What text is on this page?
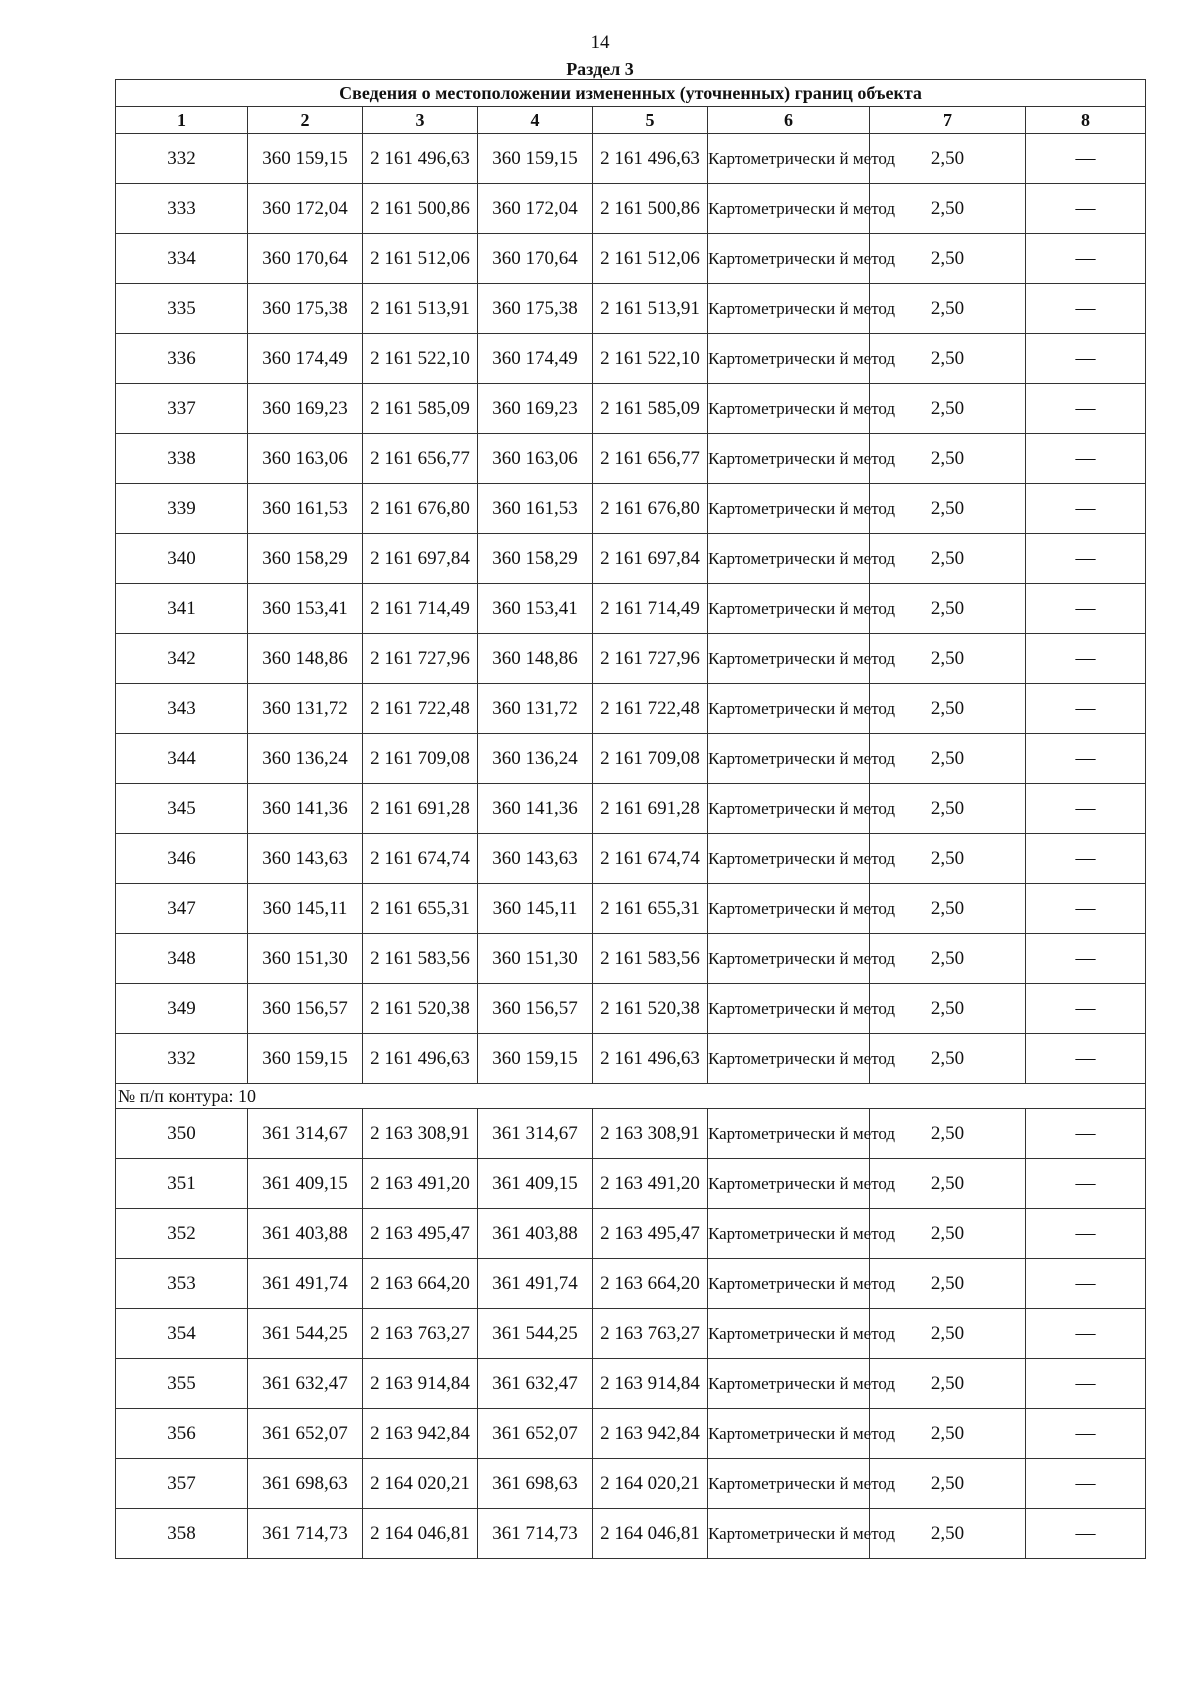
14
Раздел 3
Сведения о местоположении измененных (уточненных) границ объекта							
1	2	3	4	5	6	7	8
332	360 159,15	2 161 496,63	360 159,15	2 161 496,63	Картометрически й метод	2,50	—
333	360 172,04	2 161 500,86	360 172,04	2 161 500,86	Картометрически й метод	2,50	—
334	360 170,64	2 161 512,06	360 170,64	2 161 512,06	Картометрически й метод	2,50	—
335	360 175,38	2 161 513,91	360 175,38	2 161 513,91	Картометрически й метод	2,50	—
336	360 174,49	2 161 522,10	360 174,49	2 161 522,10	Картометрически й метод	2,50	—
337	360 169,23	2 161 585,09	360 169,23	2 161 585,09	Картометрически й метод	2,50	—
338	360 163,06	2 161 656,77	360 163,06	2 161 656,77	Картометрически й метод	2,50	—
339	360 161,53	2 161 676,80	360 161,53	2 161 676,80	Картометрически й метод	2,50	—
340	360 158,29	2 161 697,84	360 158,29	2 161 697,84	Картометрически й метод	2,50	—
341	360 153,41	2 161 714,49	360 153,41	2 161 714,49	Картометрически й метод	2,50	—
342	360 148,86	2 161 727,96	360 148,86	2 161 727,96	Картометрически й метод	2,50	—
343	360 131,72	2 161 722,48	360 131,72	2 161 722,48	Картометрически й метод	2,50	—
344	360 136,24	2 161 709,08	360 136,24	2 161 709,08	Картометрически й метод	2,50	—
345	360 141,36	2 161 691,28	360 141,36	2 161 691,28	Картометрически й метод	2,50	—
346	360 143,63	2 161 674,74	360 143,63	2 161 674,74	Картометрически й метод	2,50	—
347	360 145,11	2 161 655,31	360 145,11	2 161 655,31	Картометрически й метод	2,50	—
348	360 151,30	2 161 583,56	360 151,30	2 161 583,56	Картометрически й метод	2,50	—
349	360 156,57	2 161 520,38	360 156,57	2 161 520,38	Картометрически й метод	2,50	—
332	360 159,15	2 161 496,63	360 159,15	2 161 496,63	Картометрически й метод	2,50	—
№ п/п контура: 10							
350	361 314,67	2 163 308,91	361 314,67	2 163 308,91	Картометрически й метод	2,50	—
351	361 409,15	2 163 491,20	361 409,15	2 163 491,20	Картометрически й метод	2,50	—
352	361 403,88	2 163 495,47	361 403,88	2 163 495,47	Картометрически й метод	2,50	—
353	361 491,74	2 163 664,20	361 491,74	2 163 664,20	Картометрически й метод	2,50	—
354	361 544,25	2 163 763,27	361 544,25	2 163 763,27	Картометрически й метод	2,50	—
355	361 632,47	2 163 914,84	361 632,47	2 163 914,84	Картометрически й метод	2,50	—
356	361 652,07	2 163 942,84	361 652,07	2 163 942,84	Картометрически й метод	2,50	—
357	361 698,63	2 164 020,21	361 698,63	2 164 020,21	Картометрически й метод	2,50	—
358	361 714,73	2 164 046,81	361 714,73	2 164 046,81	Картометрически й метод	2,50	—
